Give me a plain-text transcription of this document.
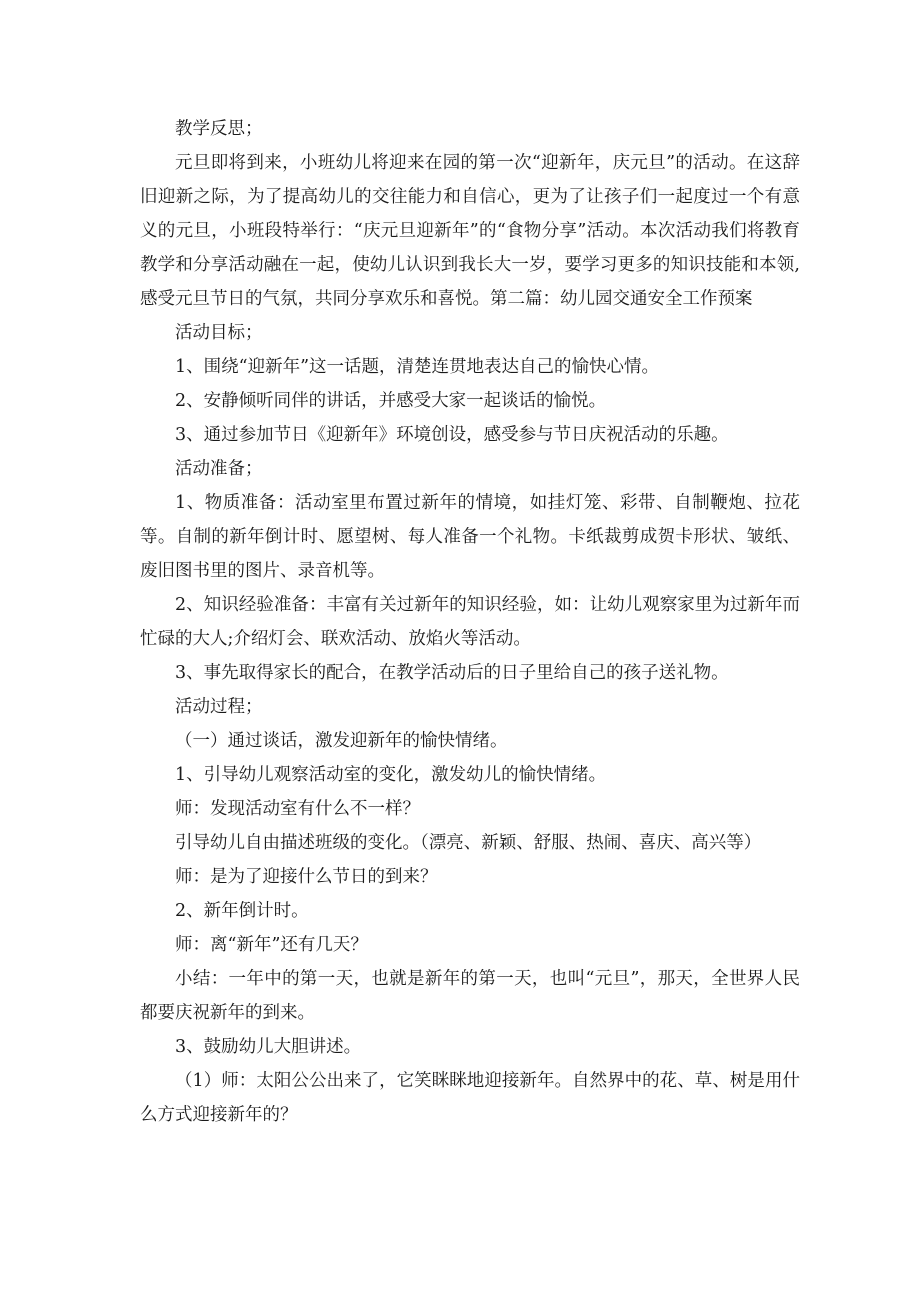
教学反思；

元旦即将到来，小班幼儿将迎来在园的第一次“迎新年，庆元旦”的活动。在这辞旧迎新之际，为了提高幼儿的交往能力和自信心，更为了让孩子们一起度过一个有意义的元旦，小班段特举行：“庆元旦迎新年”的“食物分享”活动。本次活动我们将教育教学和分享活动融在一起，使幼儿认识到我长大一岁，要学习更多的知识技能和本领,感受元旦节日的气氛，共同分享欢乐和喜悦。第二篇：幼儿园交通安全工作预案

活动目标；

1、围绕“迎新年”这一话题，清楚连贯地表达自己的愉快心情。

2、安静倾听同伴的讲话，并感受大家一起谈话的愉悦。

3、通过参加节日《迎新年》环境创设，感受参与节日庆祝活动的乐趣。

活动准备；

1、物质准备：活动室里布置过新年的情境，如挂灯笼、彩带、自制鞭炮、拉花等。自制的新年倒计时、愿望树、每人准备一个礼物。卡纸裁剪成贺卡形状、皱纸、废旧图书里的图片、录音机等。

2、知识经验准备：丰富有关过新年的知识经验，如：让幼儿观察家里为过新年而忙碌的大人;介绍灯会、联欢活动、放焰火等活动。

3、事先取得家长的配合，在教学活动后的日子里给自己的孩子送礼物。

活动过程；

（一）通过谈话，激发迎新年的愉快情绪。

1、引导幼儿观察活动室的变化，激发幼儿的愉快情绪。

师：发现活动室有什么不一样？

引导幼儿自由描述班级的变化。（漂亮、新颖、舒服、热闹、喜庆、高兴等）

师：是为了迎接什么节日的到来？

2、新年倒计时。

师：离“新年”还有几天？

小结：一年中的第一天，也就是新年的第一天，也叫“元旦”，那天，全世界人民都要庆祝新年的到来。

3、鼓励幼儿大胆讲述。

（1）师：太阳公公出来了，它笑眯眯地迎接新年。自然界中的花、草、树是用什么方式迎接新年的？
